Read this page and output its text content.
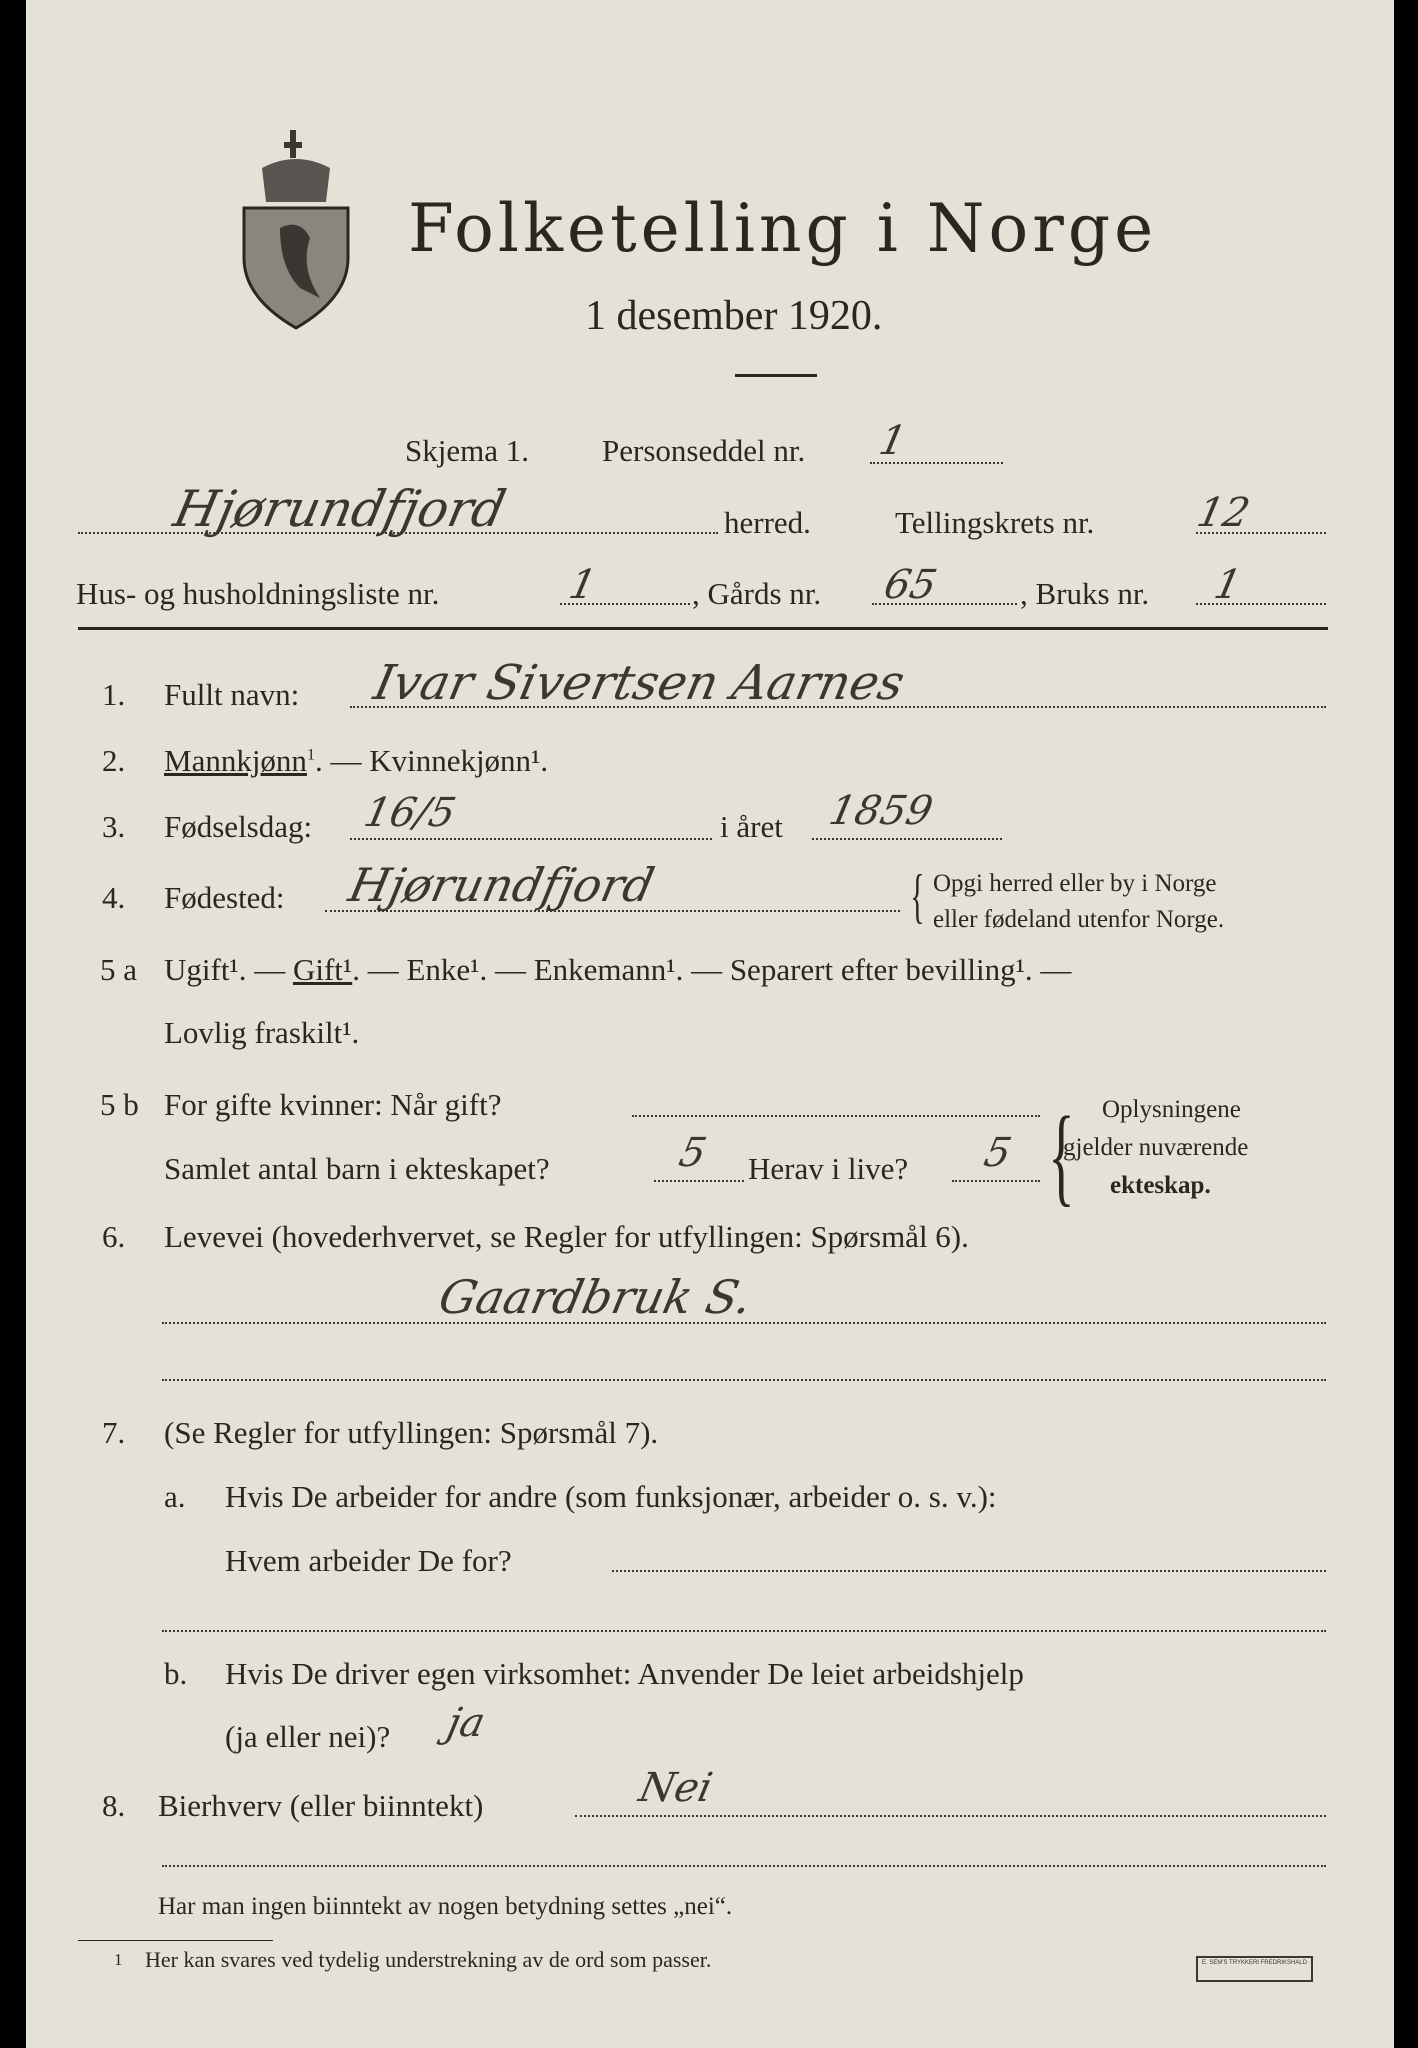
Folketelling i Norge
1 desember 1920.
Skjema 1. Personseddel nr. 1
Hjørundfjord	herred.	Tellingskrets nr. 12
Hus- og husholdningsliste nr.	1	, Gårds nr. 65	, Bruks nr. 1
1. Fullt navn: Ivar Sivertsen Aarnes
2. Mannkjønn$^1$. — Kvinnekjønn¹.
3. Fødselsdag: 16/5	i året 1859
4. Fødested: Hjørundfjord	{ Opgi herred eller by i Norge
eller fødeland utenfor Norge.
5 a Ugift¹. — Gift¹. — Enke¹. — Enkemann¹. — Separert efter bevilling¹. —
Lovlig fraskilt¹.
5 b For gifte kvinner: Når gift?
Samlet antal barn i ekteskapet?	5 Herav i live? 5 { Oplysningene
gjelder nuværende
ekteskap.
6. Levevei (hovederhvervet, se Regler for utfyllingen: Spørsmål 6).
Gaardbruk S.
7. (Se Regler for utfyllingen: Spørsmål 7).
a. Hvis De arbeider for andre (som funksjonær, arbeider o. s. v.):
Hvem arbeider De for?
b. Hvis De driver egen virksomhet: Anvender De leiet arbeidshjelp
(ja eller nei)? ja
8. Bierhverv (eller biinntekt)	Nei
Har man ingen biinntekt av nogen betydning settes „nei“.
1 Her kan svares ved tydelig understrekning av de ord som passer.	E. SEM'S TRYKKERI FREDRIKSHALD
